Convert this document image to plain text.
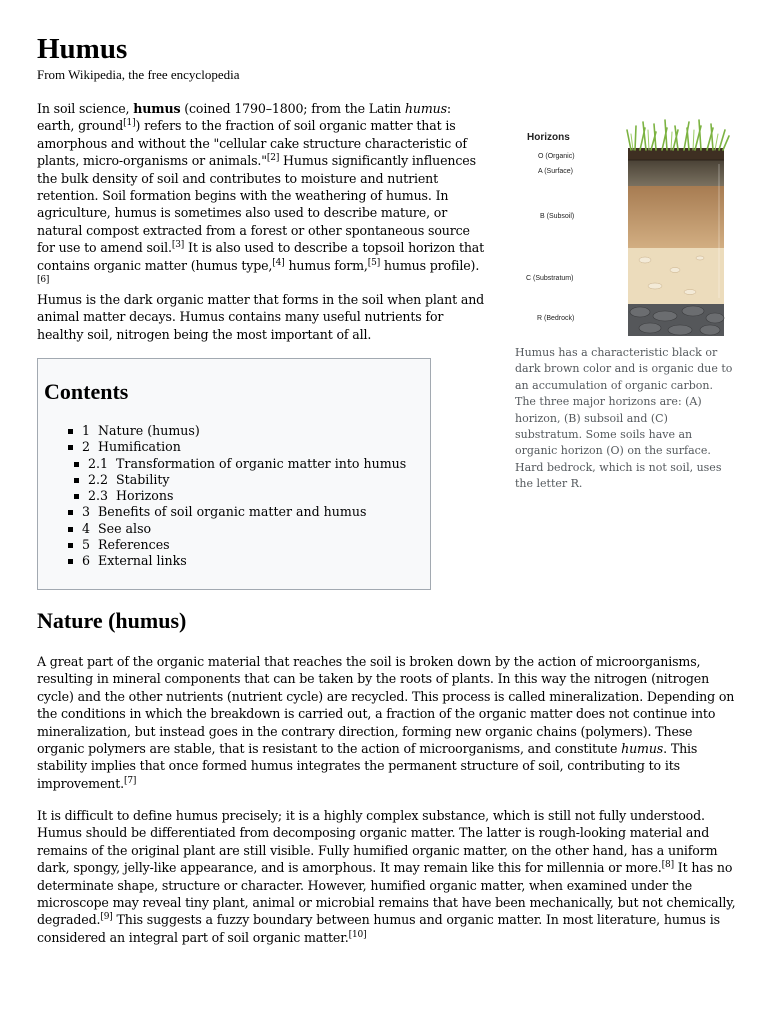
Humus
From Wikipedia, the free encyclopedia

In soil science, humus (coined 1790–1800; from the Latin humus: earth, ground[1]) refers to the fraction of soil organic matter that is amorphous and without the "cellular cake structure characteristic of plants, micro-organisms or animals."[2] Humus significantly influences the bulk density of soil and contributes to moisture and nutrient retention. Soil formation begins with the weathering of humus. In agriculture, humus is sometimes also used to describe mature, or natural compost extracted from a forest or other spontaneous source for use to amend soil.[3] It is also used to describe a topsoil horizon that contains organic matter (humus type,[4] humus form,[5] humus profile).[6]

Humus is the dark organic matter that forms in the soil when plant and animal matter decays. Humus contains many useful nutrients for healthy soil, nitrogen being the most important of all.

Contents
1 Nature (humus)
2 Humification
2.1 Transformation of organic matter into humus
2.2 Stability
2.3 Horizons
3 Benefits of soil organic matter and humus
4 See also
5 References
6 External links
Horizons
O (Organic)
A (Surface)
B (Subsoil)
C (Substratum)
R (Bedrock)
Humus has a characteristic black or dark brown color and is organic due to an accumulation of organic carbon. The three major horizons are: (A) horizon, (B) subsoil and (C) substratum. Some soils have an organic horizon (O) on the surface. Hard bedrock, which is not soil, uses the letter R.
Nature (humus)

A great part of the organic material that reaches the soil is broken down by the action of microorganisms, resulting in mineral components that can be taken by the roots of plants. In this way the nitrogen (nitrogen cycle) and the other nutrients (nutrient cycle) are recycled. This process is called mineralization. Depending on the conditions in which the breakdown is carried out, a fraction of the organic matter does not continue into mineralization, but instead goes in the contrary direction, forming new organic chains (polymers). These organic polymers are stable, that is resistant to the action of microorganisms, and constitute humus. This stability implies that once formed humus integrates the permanent structure of soil, contributing to its improvement.[7]

It is difficult to define humus precisely; it is a highly complex substance, which is still not fully understood. Humus should be differentiated from decomposing organic matter. The latter is rough-looking material and remains of the original plant are still visible. Fully humified organic matter, on the other hand, has a uniform dark, spongy, jelly-like appearance, and is amorphous. It may remain like this for millennia or more.[8] It has no determinate shape, structure or character. However, humified organic matter, when examined under the microscope may reveal tiny plant, animal or microbial remains that have been mechanically, but not chemically, degraded.[9] This suggests a fuzzy boundary between humus and organic matter. In most literature, humus is considered an integral part of soil organic matter.[10]
